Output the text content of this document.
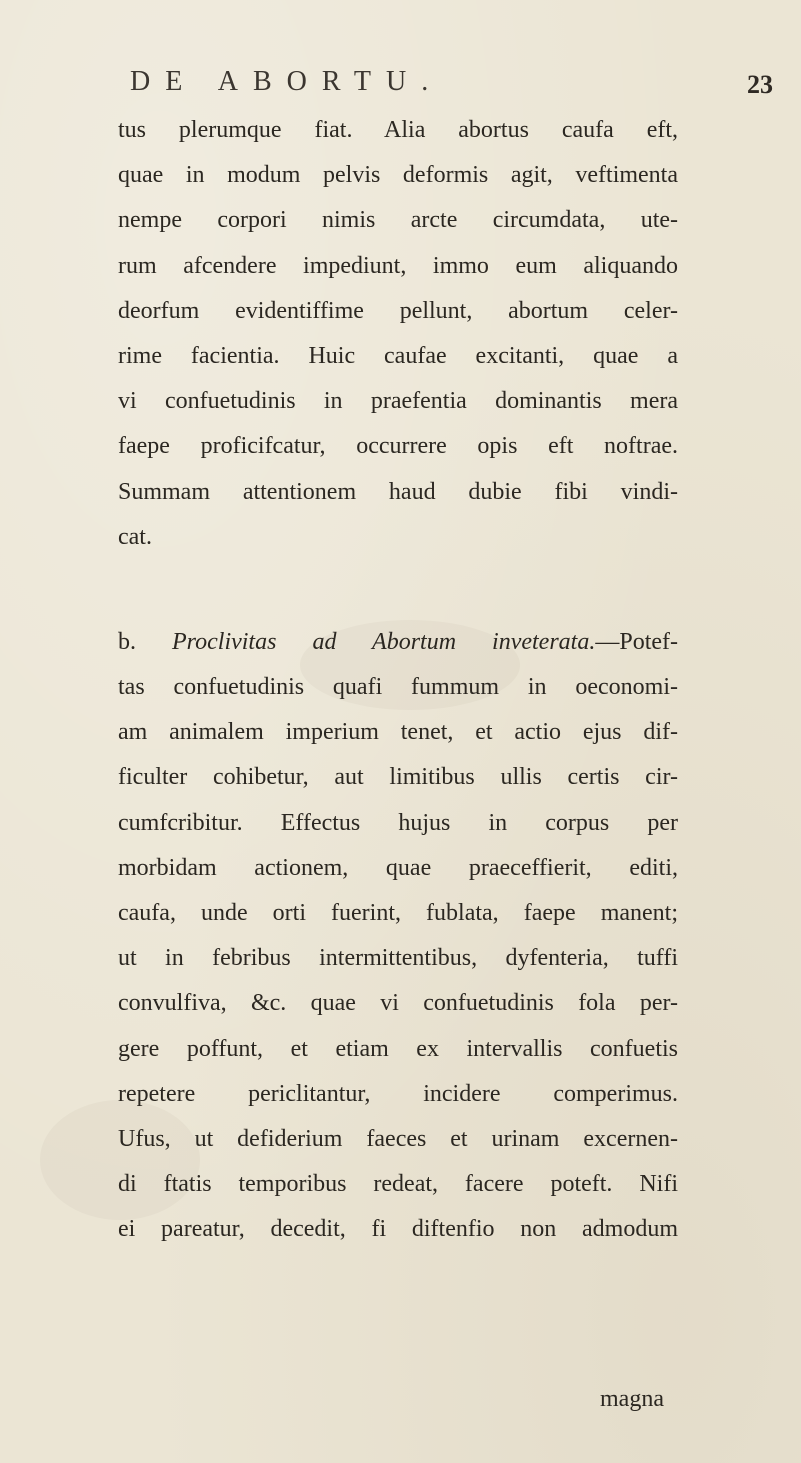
DE ABORTU.	23
tus plerumque fiat. Alia abortus caufa eft,
quae in modum pelvis deformis agit, veftimenta
nempe corpori nimis arcte circumdata, ute-
rum afcendere impediunt, immo eum aliquando
deorfum evidentiffime pellunt, abortum celer-
rime facientia. Huic caufae excitanti, quae a
vi confuetudinis in praefentia dominantis mera
faepe proficifcatur, occurrere opis eft noftrae.
Summam attentionem haud dubie fibi vindi-
cat.
b. Proclivitas ad Abortum inveterata.—Potef-
tas confuetudinis quafi fummum in oeconomi-
am animalem imperium tenet, et actio ejus dif-
ficulter cohibetur, aut limitibus ullis certis cir-
cumfcribitur. Effectus hujus in corpus per
morbidam actionem, quae praeceffierit, editi,
caufa, unde orti fuerint, fublata, faepe manent;
ut in febribus intermittentibus, dyfenteria, tuffi
convulfiva, &c. quae vi confuetudinis fola per-
gere poffunt, et etiam ex intervallis confuetis
repetere periclitantur, incidere comperimus.
Ufus, ut defiderium faeces et urinam excernen-
di ftatis temporibus redeat, facere poteft. Nifi
ei pareatur, decedit, fi diftenfio non admodum
magna
